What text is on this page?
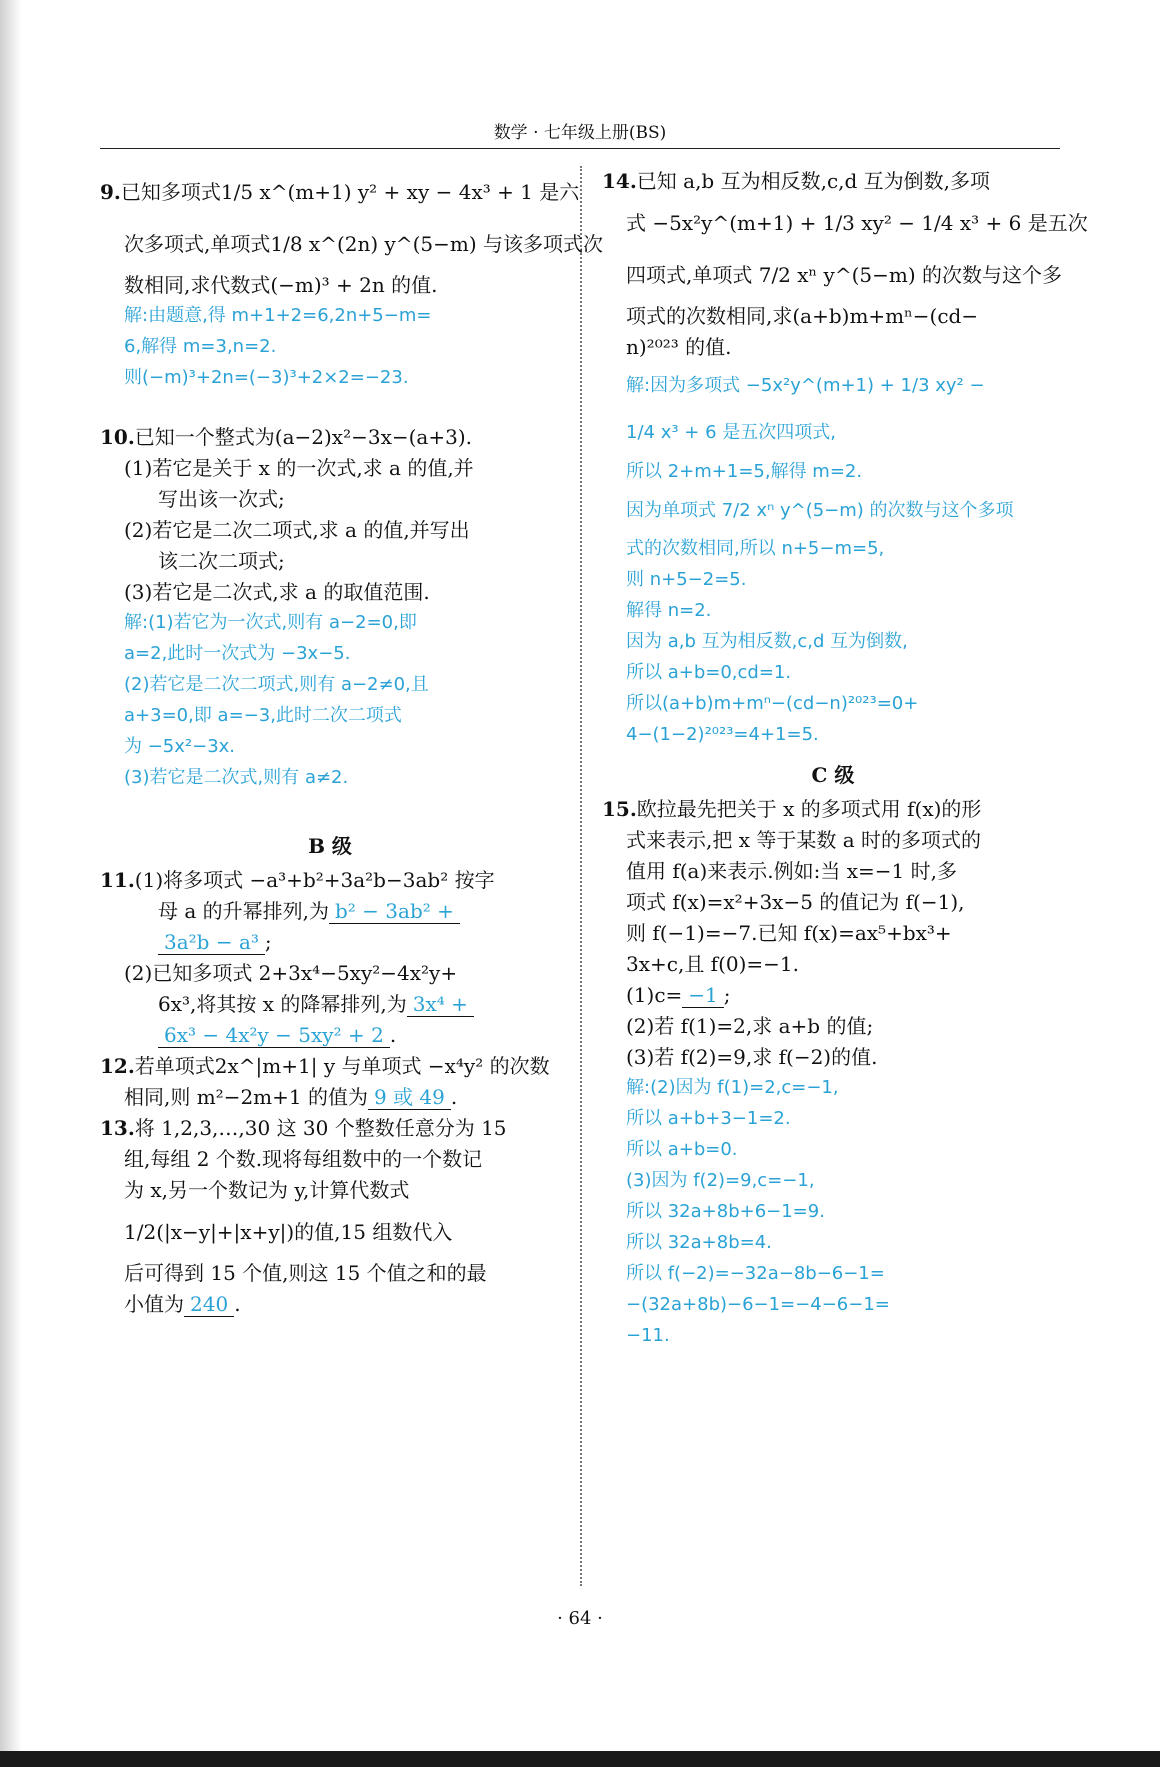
数学 · 七年级上册(BS)

9.已知多项式1/5 x^(m+1) y² + xy − 4x³ + 1 是六

次多项式,单项式1/8 x^(2n) y^(5−m) 与该多项式次

数相同,求代数式(−m)³ + 2n 的值.

解:由题意,得 m+1+2=6,2n+5−m=

6,解得 m=3,n=2.

则(−m)³+2n=(−3)³+2×2=−23.

10.已知一个整式为(a−2)x²−3x−(a+3).

(1)若它是关于 x 的一次式,求 a 的值,并

写出该一次式;

(2)若它是二次二项式,求 a 的值,并写出

该二次二项式;

(3)若它是二次式,求 a 的取值范围.

解:(1)若它为一次式,则有 a−2=0,即

a=2,此时一次式为 −3x−5.

(2)若它是二次二项式,则有 a−2≠0,且

a+3=0,即 a=−3,此时二次二项式

为 −5x²−3x.

(3)若它是二次式,则有 a≠2.

B 级

11.(1)将多项式 −a³+b²+3a²b−3ab² 按字

母 a 的升幂排列,为 b² − 3ab² +

3a²b − a³ ;

(2)已知多项式 2+3x⁴−5xy²−4x²y+

6x³,将其按 x 的降幂排列,为 3x⁴ +

6x³ − 4x²y − 5xy² + 2 .

12.若单项式2x^|m+1| y 与单项式 −x⁴y² 的次数

相同,则 m²−2m+1 的值为 9 或 49 .

13.将 1,2,3,…,30 这 30 个整数任意分为 15

组,每组 2 个数.现将每组数中的一个数记

为 x,另一个数记为 y,计算代数式

1/2(|x−y|+|x+y|)的值,15 组数代入

后可得到 15 个值,则这 15 个值之和的最

小值为 240 .

14.已知 a,b 互为相反数,c,d 互为倒数,多项

式 −5x²y^(m+1) + 1/3 xy² − 1/4 x³ + 6 是五次

四项式,单项式 7/2 xⁿ y^(5−m) 的次数与这个多

项式的次数相同,求(a+b)m+mⁿ−(cd−

n)²⁰²³ 的值.

解:因为多项式 −5x²y^(m+1) + 1/3 xy² −

1/4 x³ + 6 是五次四项式,

所以 2+m+1=5,解得 m=2.

因为单项式 7/2 xⁿ y^(5−m) 的次数与这个多项

式的次数相同,所以 n+5−m=5,

则 n+5−2=5.

解得 n=2.

因为 a,b 互为相反数,c,d 互为倒数,

所以 a+b=0,cd=1.

所以(a+b)m+mⁿ−(cd−n)²⁰²³=0+

4−(1−2)²⁰²³=4+1=5.

C 级

15.欧拉最先把关于 x 的多项式用 f(x)的形

式来表示,把 x 等于某数 a 时的多项式的

值用 f(a)来表示.例如:当 x=−1 时,多

项式 f(x)=x²+3x−5 的值记为 f(−1),

则 f(−1)=−7.已知 f(x)=ax⁵+bx³+

3x+c,且 f(0)=−1.

(1)c= −1 ;

(2)若 f(1)=2,求 a+b 的值;

(3)若 f(2)=9,求 f(−2)的值.

解:(2)因为 f(1)=2,c=−1,

所以 a+b+3−1=2.

所以 a+b=0.

(3)因为 f(2)=9,c=−1,

所以 32a+8b+6−1=9.

所以 32a+8b=4.

所以 f(−2)=−32a−8b−6−1=

−(32a+8b)−6−1=−4−6−1=

−11.

· 64 ·
